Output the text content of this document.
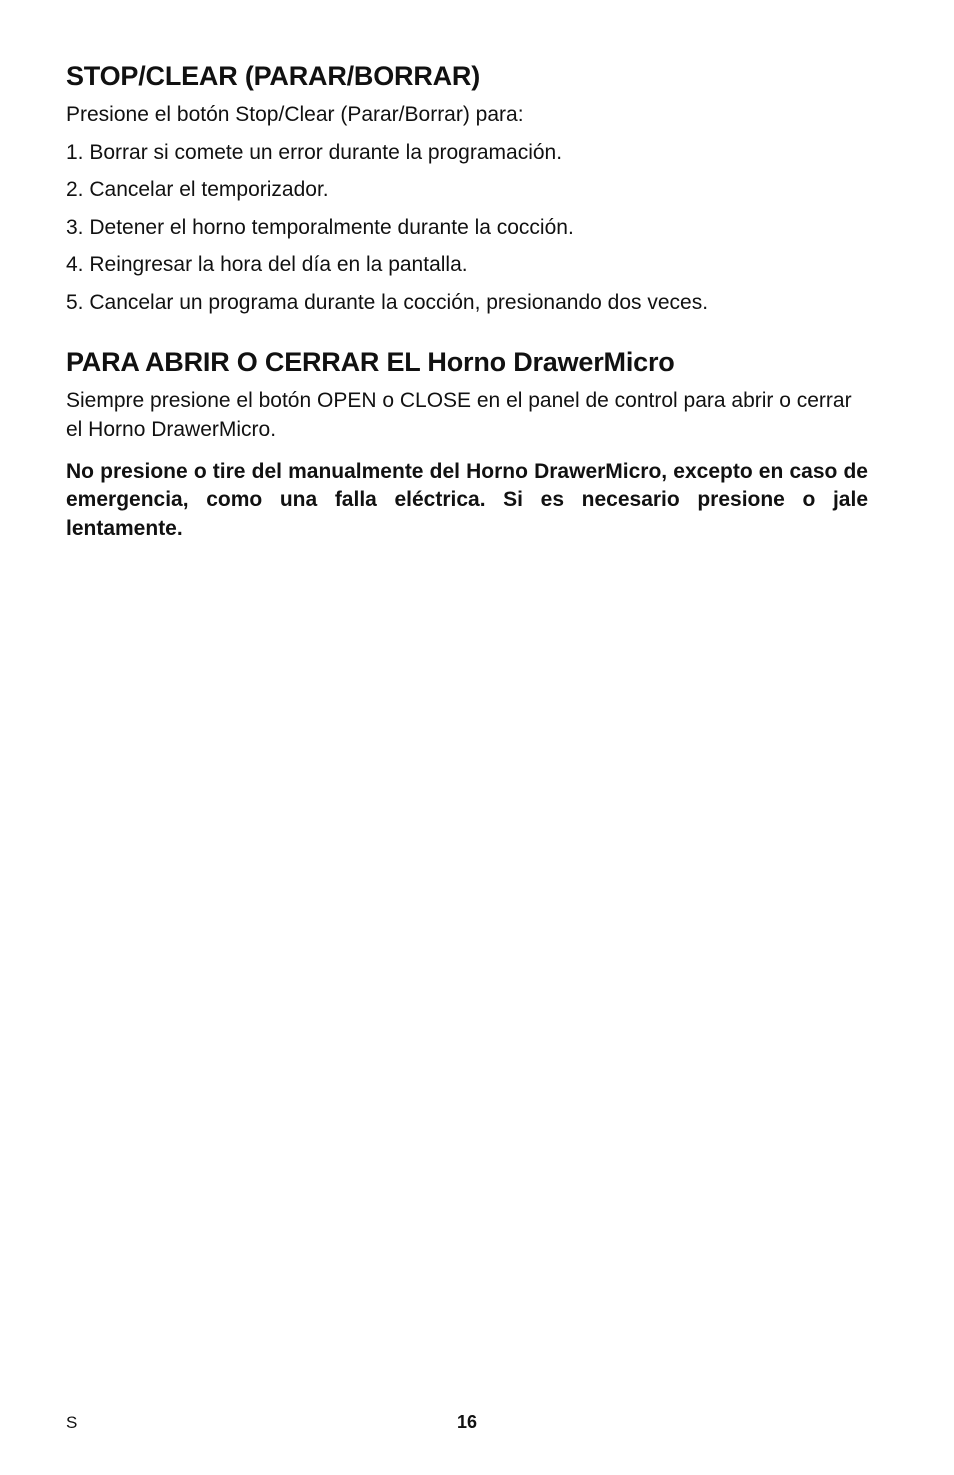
STOP/CLEAR (PARAR/BORRAR)

Presione el botón Stop/Clear (Parar/Borrar) para:

1. Borrar si comete un error durante la programación.
2. Cancelar el temporizador.
3. Detener el horno temporalmente durante la cocción.
4. Reingresar la hora del día en la pantalla.
5. Cancelar un programa durante la cocción, presionando dos veces.
PARA ABRIR O CERRAR EL Horno DrawerMicro

Siempre presione el botón OPEN o CLOSE en el panel de control para abrir o cerrar el Horno DrawerMicro.

No presione o tire del manualmente del Horno DrawerMicro, excepto en caso de emergencia, como una falla eléctrica. Si es necesario presione o jale lentamente.

S	16
